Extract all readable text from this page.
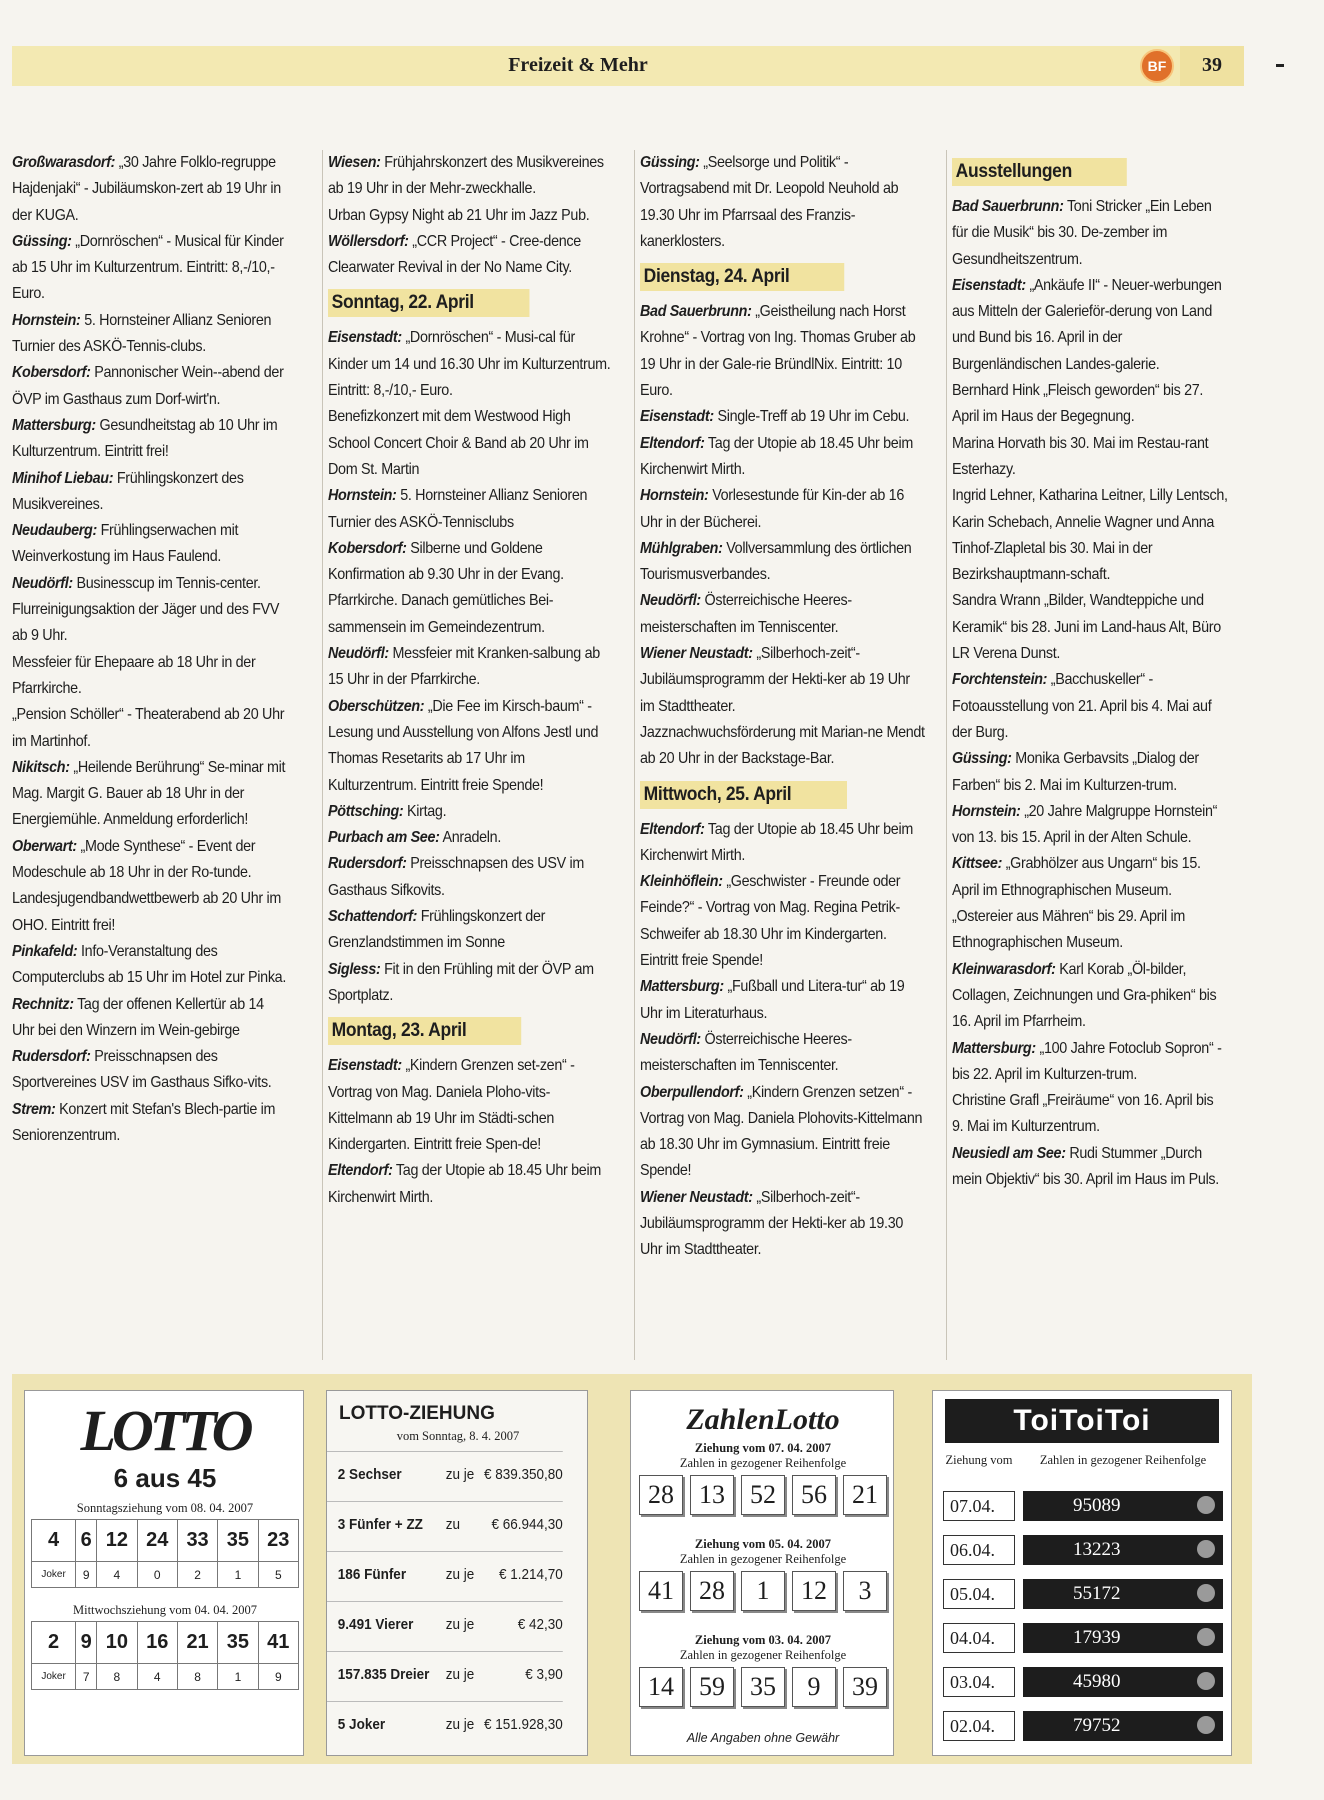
Freizeit & Mehr	BF	39

Großwarasdorf: „30 Jahre Folklo-regruppe Hajdenjaki“ - Jubiläumskon-zert ab 19 Uhr in der KUGA.

Güssing: „Dornröschen“ - Musical für Kinder ab 15 Uhr im Kulturzentrum. Eintritt: 8,-/10,- Euro.

Hornstein: 5. Hornsteiner Allianz Senioren Turnier des ASKÖ-Tennis-clubs.

Kobersdorf: Pannonischer Wein--abend der ÖVP im Gasthaus zum Dorf-wirt'n.

Mattersburg: Gesundheitstag ab 10 Uhr im Kulturzentrum. Eintritt frei!

Minihof Liebau: Frühlingskonzert des Musikvereines.

Neudauberg: Frühlingserwachen mit Weinverkostung im Haus Faulend.

Neudörfl: Businesscup im Tennis-center.

Flurreinigungsaktion der Jäger und des FVV ab 9 Uhr.

Messfeier für Ehepaare ab 18 Uhr in der Pfarrkirche.

„Pension Schöller“ - Theaterabend ab 20 Uhr im Martinhof.

Nikitsch: „Heilende Berührung“ Se-minar mit Mag. Margit G. Bauer ab 18 Uhr in der Energiemühle. Anmeldung erforderlich!

Oberwart: „Mode Synthese“ - Event der Modeschule ab 18 Uhr in der Ro-tunde.

Landesjugendbandwettbewerb ab 20 Uhr im OHO. Eintritt frei!

Pinkafeld: Info-Veranstaltung des Computerclubs ab 15 Uhr im Hotel zur Pinka.

Rechnitz: Tag der offenen Kellertür ab 14 Uhr bei den Winzern im Wein-gebirge

Rudersdorf: Preisschnapsen des Sportvereines USV im Gasthaus Sifko-vits.

Strem: Konzert mit Stefan's Blech-partie im Seniorenzentrum.

Wiesen: Frühjahrskonzert des Musikvereines ab 19 Uhr in der Mehr-zweckhalle.

Urban Gypsy Night ab 21 Uhr im Jazz Pub.

Wöllersdorf: „CCR Project“ - Cree-dence Clearwater Revival in der No Name City.

Sonntag, 22. April

Eisenstadt: „Dornröschen“ - Musi-cal für Kinder um 14 und 16.30 Uhr im Kulturzentrum. Eintritt: 8,-/10,- Euro.

Benefizkonzert mit dem Westwood High School Concert Choir & Band ab 20 Uhr im Dom St. Martin

Hornstein: 5. Hornsteiner Allianz Senioren Turnier des ASKÖ-Tennisclubs

Kobersdorf: Silberne und Goldene Konfirmation ab 9.30 Uhr in der Evang. Pfarrkirche. Danach gemütliches Bei-sammensein im Gemeindezentrum.

Neudörfl: Messfeier mit Kranken-salbung ab 15 Uhr in der Pfarrkirche.

Oberschützen: „Die Fee im Kirsch-baum“ - Lesung und Ausstellung von Alfons Jestl und Thomas Resetarits ab 17 Uhr im Kulturzentrum. Eintritt freie Spende!

Pöttsching: Kirtag.

Purbach am See: Anradeln.

Rudersdorf: Preisschnapsen des USV im Gasthaus Sifkovits.

Schattendorf: Frühlingskonzert der Grenzlandstimmen im Sonne

Sigless: Fit in den Frühling mit der ÖVP am Sportplatz.

Montag, 23. April

Eisenstadt: „Kindern Grenzen set-zen“ - Vortrag von Mag. Daniela Ploho-vits-Kittelmann ab 19 Uhr im Städti-schen Kindergarten. Eintritt freie Spen-de!

Eltendorf: Tag der Utopie ab 18.45 Uhr beim Kirchenwirt Mirth.

Güssing: „Seelsorge und Politik“ - Vortragsabend mit Dr. Leopold Neuhold ab 19.30 Uhr im Pfarrsaal des Franzis-kanerklosters.

Dienstag, 24. April

Bad Sauerbrunn: „Geistheilung nach Horst Krohne“ - Vortrag von Ing. Thomas Gruber ab 19 Uhr in der Gale-rie BründlNix. Eintritt: 10 Euro.

Eisenstadt: Single-Treff ab 19 Uhr im Cebu.

Eltendorf: Tag der Utopie ab 18.45 Uhr beim Kirchenwirt Mirth.

Hornstein: Vorlesestunde für Kin-der ab 16 Uhr in der Bücherei.

Mühlgraben: Vollversammlung des örtlichen Tourismusverbandes.

Neudörfl: Österreichische Heeres-meisterschaften im Tenniscenter.

Wiener Neustadt: „Silberhoch-zeit“- Jubiläumsprogramm der Hekti-ker ab 19 Uhr im Stadttheater.

Jazznachwuchsförderung mit Marian-ne Mendt ab 20 Uhr in der Backstage-Bar.

Mittwoch, 25. April

Eltendorf: Tag der Utopie ab 18.45 Uhr beim Kirchenwirt Mirth.

Kleinhöflein: „Geschwister - Freunde oder Feinde?“ - Vortrag von Mag. Regina Petrik-Schweifer ab 18.30 Uhr im Kindergarten. Eintritt freie Spende!

Mattersburg: „Fußball und Litera-tur“ ab 19 Uhr im Literaturhaus.

Neudörfl: Österreichische Heeres-meisterschaften im Tenniscenter.

Oberpullendorf: „Kindern Grenzen setzen“ - Vortrag von Mag. Daniela Plohovits-Kittelmann ab 18.30 Uhr im Gymnasium. Eintritt freie Spende!

Wiener Neustadt: „Silberhoch-zeit“- Jubiläumsprogramm der Hekti-ker ab 19.30 Uhr im Stadttheater.

Ausstellungen

Bad Sauerbrunn: Toni Stricker „Ein Leben für die Musik“ bis 30. De-zember im Gesundheitszentrum.

Eisenstadt: „Ankäufe II“ - Neuer-werbungen aus Mitteln der Galerieför-derung von Land und Bund bis 16. April in der Burgenländischen Landes-galerie.

Bernhard Hink „Fleisch geworden“ bis 27. April im Haus der Begegnung.

Marina Horvath bis 30. Mai im Restau-rant Esterhazy.

Ingrid Lehner, Katharina Leitner, Lilly Lentsch, Karin Schebach, Annelie Wagner und Anna Tinhof-Zlapletal bis 30. Mai in der Bezirkshauptmann-schaft.

Sandra Wrann „Bilder, Wandteppiche und Keramik“ bis 28. Juni im Land-haus Alt, Büro LR Verena Dunst.

Forchtenstein: „Bacchuskeller“ - Fotoausstellung von 21. April bis 4. Mai auf der Burg.

Güssing: Monika Gerbavsits „Dialog der Farben“ bis 2. Mai im Kulturzen-trum.

Hornstein: „20 Jahre Malgruppe Hornstein“ von 13. bis 15. April in der Alten Schule.

Kittsee: „Grabhölzer aus Ungarn“ bis 15. April im Ethnographischen Museum.

„Ostereier aus Mähren“ bis 29. April im Ethnographischen Museum.

Kleinwarasdorf: Karl Korab „Öl-bilder, Collagen, Zeichnungen und Gra-phiken“ bis 16. April im Pfarrheim.

Mattersburg: „100 Jahre Fotoclub Sopron“ - bis 22. April im Kulturzen-trum.

Christine Grafl „Freiräume“ von 16. April bis 9. Mai im Kulturzentrum.

Neusiedl am See: Rudi Stummer „Durch mein Objektiv“ bis 30. April im Haus im Puls.

LOTTO
6 aus 45
Sonntagsziehung vom 08. 04. 2007
4	6	12	24	33	35	23
Joker	9	4	0	2	1	5
Mittwochsziehung vom 04. 04. 2007
2	9	10	16	21	35	41
Joker	7	8	4	8	1	9
LOTTO-ZIEHUNG
vom Sonntag, 8. 4. 2007
2 Sechser	zu je € 839.350,80
3 Fünfer + ZZ zu	€ 66.944,30
186 Fünfer	zu je	€ 1.214,70
9.491 Vierer zu je	€ 42,30
157.835 Dreier zu je	€ 3,90
5 Joker	zu je € 151.928,30
ZahlenLotto
Ziehung vom 07. 04. 2007
Zahlen in gezogener Reihenfolge
28 13 52 56 21
Ziehung vom 05. 04. 2007
Zahlen in gezogener Reihenfolge
41 28	1	12	3
Ziehung vom 03. 04. 2007
Zahlen in gezogener Reihenfolge
14 59 35	9	39
Alle Angaben ohne Gewähr
ToiToiToi
Ziehung vom	Zahlen in gezogener Reihenfolge
07.04.	95089
06.04.	13223
05.04.	55172
04.04.	17939
03.04.	45980
02.04.	79752
